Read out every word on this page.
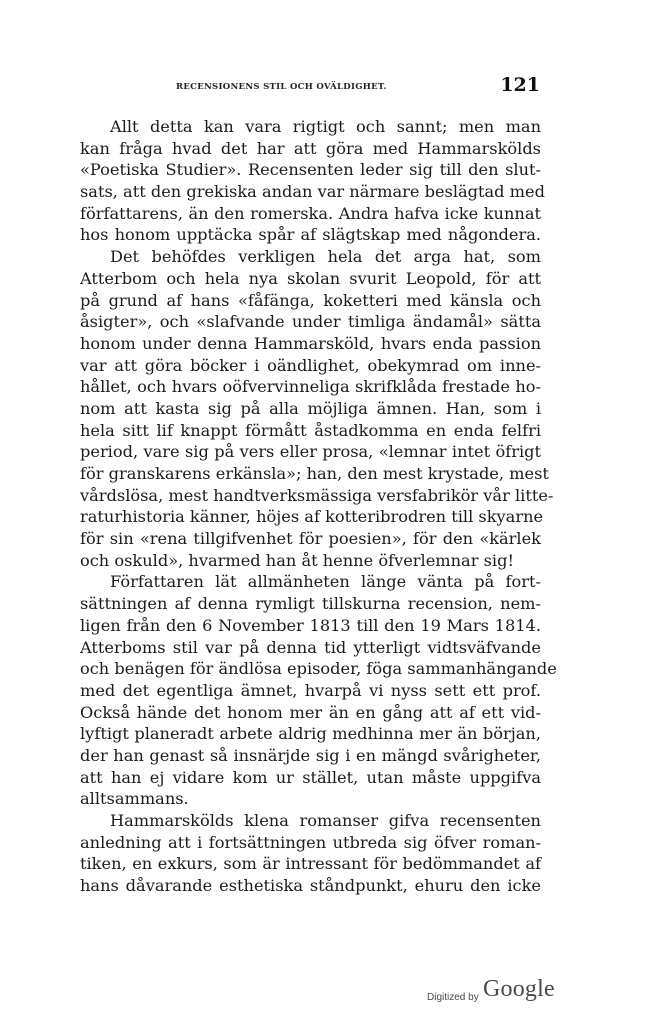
RECENSIONENS STIL OCH OVÄLDIGHET.	121
Allt detta kan vara rigtigt och sannt; men man
kan fråga hvad det har att göra med Hammarskölds
«Poetiska Studier». Recensenten leder sig till den slut-
sats, att den grekiska andan var närmare beslägtad med
författarens, än den romerska. Andra hafva icke kunnat
hos honom upptäcka spår af slägtskap med någondera.
Det behöfdes verkligen hela det arga hat, som
Atterbom och hela nya skolan svurit Leopold, för att
på grund af hans «fåfänga, koketteri med känsla och
åsigter», och «slafvande under timliga ändamål» sätta
honom under denna Hammarsköld, hvars enda passion
var att göra böcker i oändlighet, obekymrad om inne-
hållet, och hvars oöfvervinneliga skrifklåda frestade ho-
nom att kasta sig på alla möjliga ämnen. Han, som i
hela sitt lif knappt förmått åstadkomma en enda felfri
period, vare sig på vers eller prosa, «lemnar intet öfrigt
för granskarens erkänsla»; han, den mest krystade, mest
vårdslösa, mest handtverksmässiga versfabrikör vår litte-
raturhistoria känner, höjes af kotteribrodren till skyarne
för sin «rena tillgifvenhet för poesien», för den «kärlek
och oskuld», hvarmed han åt henne öfverlemnar sig!
Författaren lät allmänheten länge vänta på fort-
sättningen af denna rymligt tillskurna recension, nem-
ligen från den 6 November 1813 till den 19 Mars 1814.
Atterboms stil var på denna tid ytterligt vidtsväfvande
och benägen för ändlösa episoder, föga sammanhängande
med det egentliga ämnet, hvarpå vi nyss sett ett prof.
Också hände det honom mer än en gång att af ett vid-
lyftigt planeradt arbete aldrig medhinna mer än början,
der han genast så insnärjde sig i en mängd svårigheter,
att han ej vidare kom ur stället, utan måste uppgifva
alltsammans.
Hammarskölds klena romanser gifva recensenten
anledning att i fortsättningen utbreda sig öfver roman-
tiken, en exkurs, som är intressant för bedömmandet af
hans dåvarande esthetiska ståndpunkt, ehuru den icke
Digitized by Google
